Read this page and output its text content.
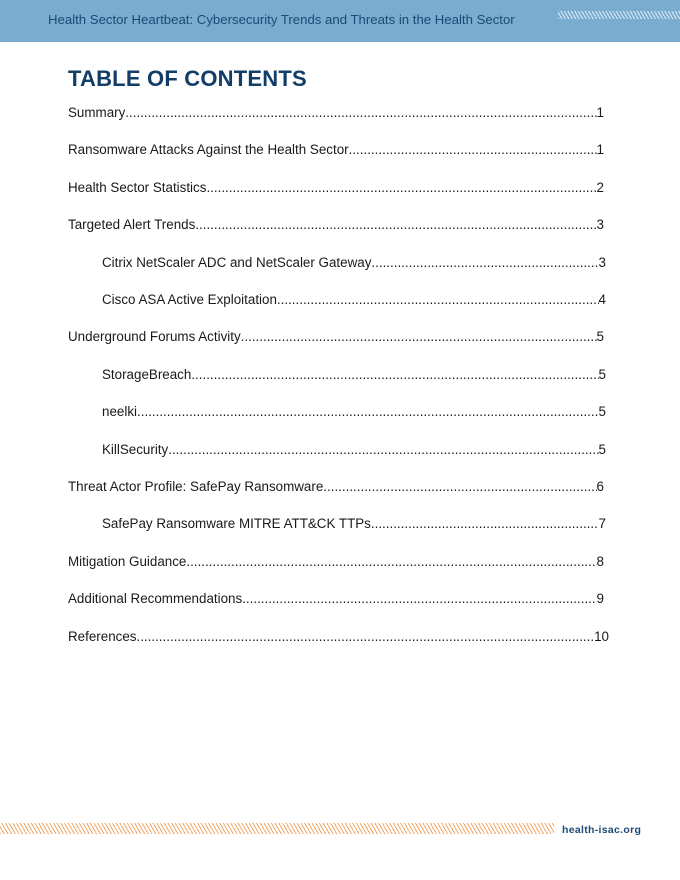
Health Sector Heartbeat: Cybersecurity Trends and Threats in the Health Sector
TABLE OF CONTENTS
Summary .....	1
Ransomware Attacks Against the Health Sector .....	1
Health Sector Statistics .....	2
Targeted Alert Trends .....	3
Citrix NetScaler ADC and NetScaler Gateway .....	3
Cisco ASA Active Exploitation .....	4
Underground Forums Activity .....	5
StorageBreach .....	5
neelki .....	5
KillSecurity .....	5
Threat Actor Profile: SafePay Ransomware .....	6
SafePay Ransomware MITRE ATT&CK TTPs .....	7
Mitigation Guidance .....	8
Additional Recommendations .....	9
References .....	10
health-isac.org
